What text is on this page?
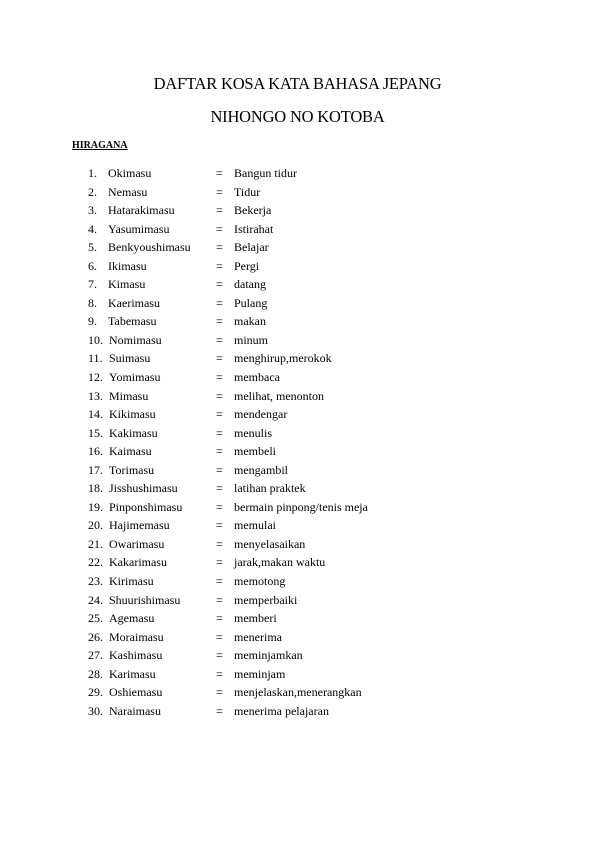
DAFTAR KOSA KATA BAHASA JEPANG
NIHONGO NO KOTOBA
HIRAGANA
1. Okimasu	= Bangun tidur
2. Nemasu	= Tidur
3. Hatarakimasu	= Bekerja
4. Yasumimasu	= Istirahat
5. Benkyoushimasu = Belajar
6. Ikimasu	= Pergi
7. Kimasu	= datang
8. Kaerimasu	= Pulang
9. Tabemasu	= makan
10. Nomimasu	= minum
11. Suimasu	= menghirup,merokok
12. Yomimasu	= membaca
13. Mimasu	= melihat, menonton
14. Kikimasu	= mendengar
15. Kakimasu	= menulis
16. Kaimasu	= membeli
17. Torimasu	= mengambil
18. Jisshushimasu	= latihan praktek
19. Pinponshimasu	= bermain pinpong/tenis meja
20. Hajimemasu	= memulai
21. Owarimasu	= menyelasaikan
22. Kakarimasu	= jarak,makan waktu
23. Kirimasu	= memotong
24. Shuurishimasu	= memperbaiki
25. Agemasu	= memberi
26. Moraimasu	= menerima
27. Kashimasu	= meminjamkan
28. Karimasu	= meminjam
29. Oshiemasu	= menjelaskan,menerangkan
30. Naraimasu	= menerima pelajaran
